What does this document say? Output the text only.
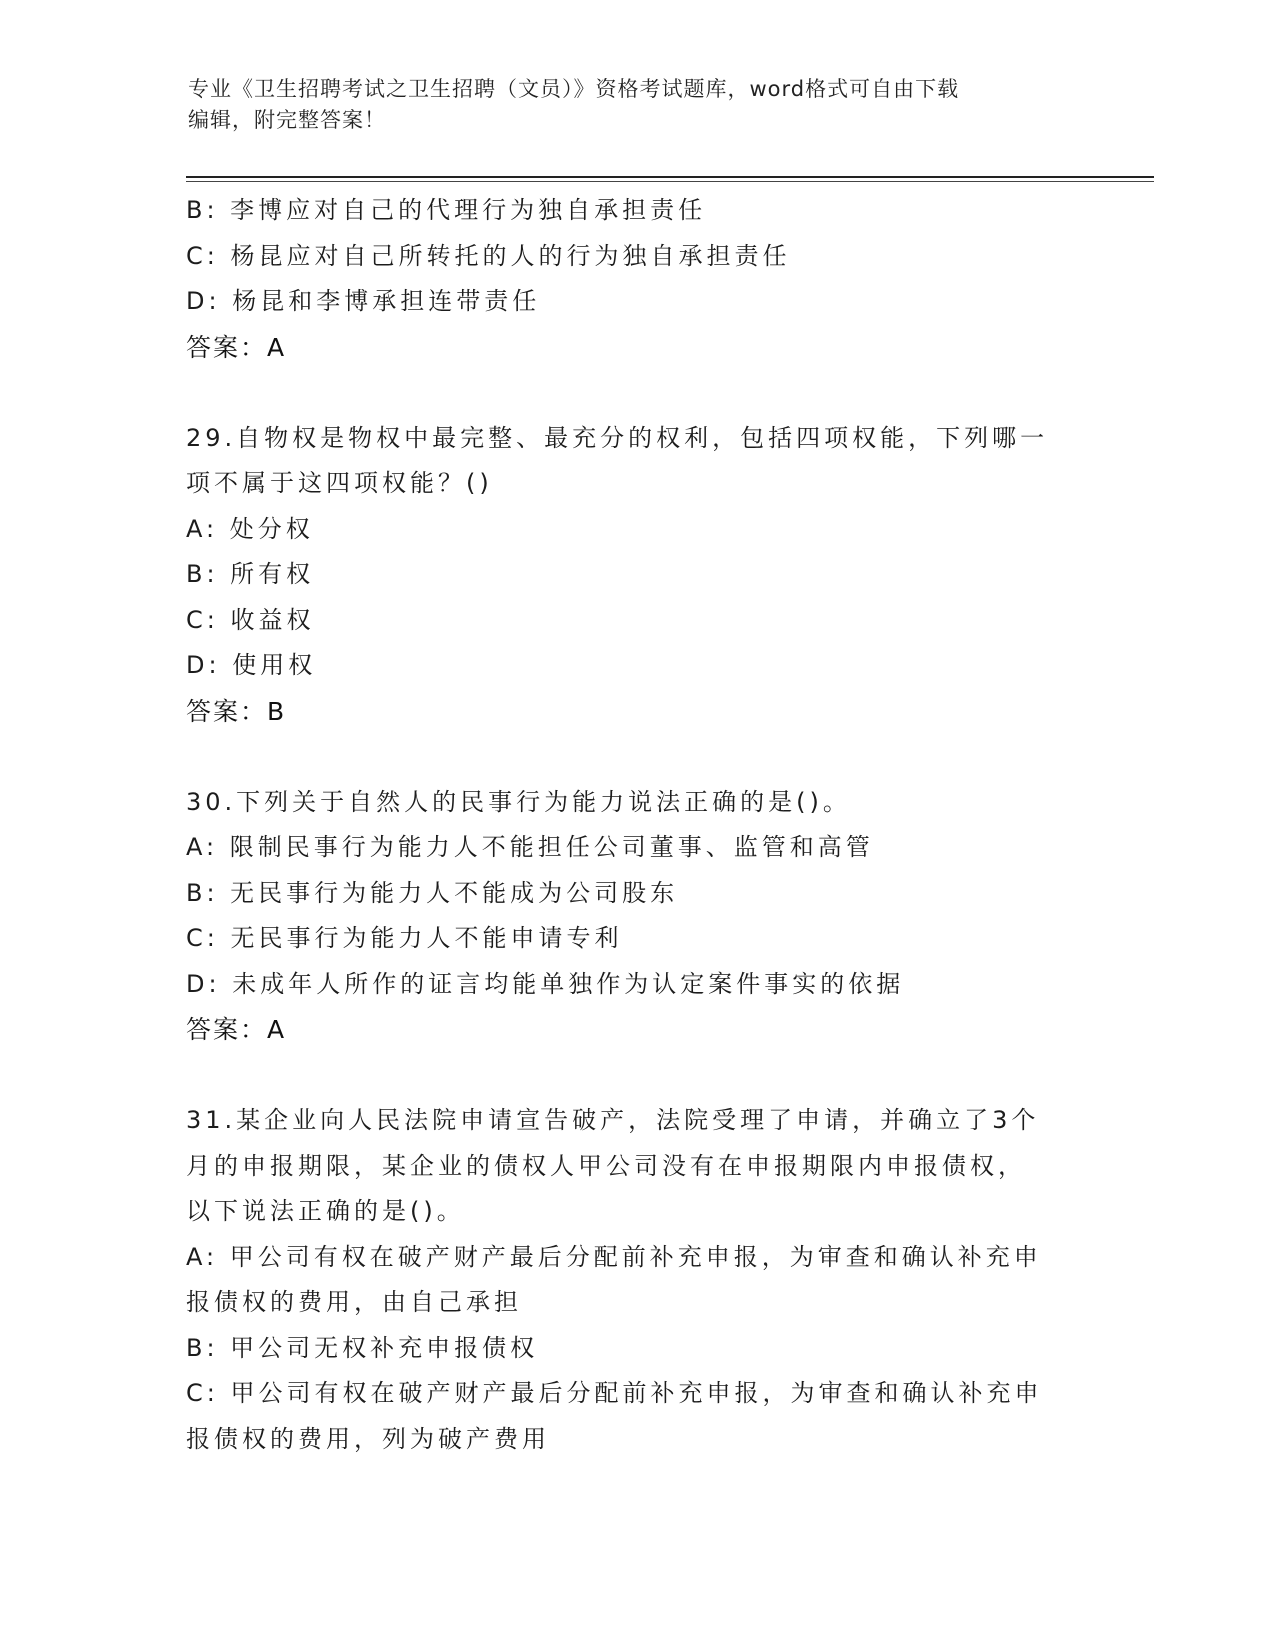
专业《卫生招聘考试之卫生招聘（文员）》资格考试题库，word格式可自由下载
编辑，附完整答案！
B: 李博应对自己的代理行为独自承担责任
C: 杨昆应对自己所转托的人的行为独自承担责任
D: 杨昆和李博承担连带责任
答案：A
29.自物权是物权中最完整、最充分的权利，包括四项权能，下列哪一
项不属于这四项权能？()
A: 处分权
B: 所有权
C: 收益权
D: 使用权
答案：B
30.下列关于自然人的民事行为能力说法正确的是()。
A: 限制民事行为能力人不能担任公司董事、监管和高管
B: 无民事行为能力人不能成为公司股东
C: 无民事行为能力人不能申请专利
D: 未成年人所作的证言均能单独作为认定案件事实的依据
答案：A
31.某企业向人民法院申请宣告破产，法院受理了申请，并确立了3个
月的申报期限，某企业的债权人甲公司没有在申报期限内申报债权，
以下说法正确的是()。
A: 甲公司有权在破产财产最后分配前补充申报，为审查和确认补充申
报债权的费用，由自己承担
B: 甲公司无权补充申报债权
C: 甲公司有权在破产财产最后分配前补充申报，为审查和确认补充申
报债权的费用，列为破产费用
